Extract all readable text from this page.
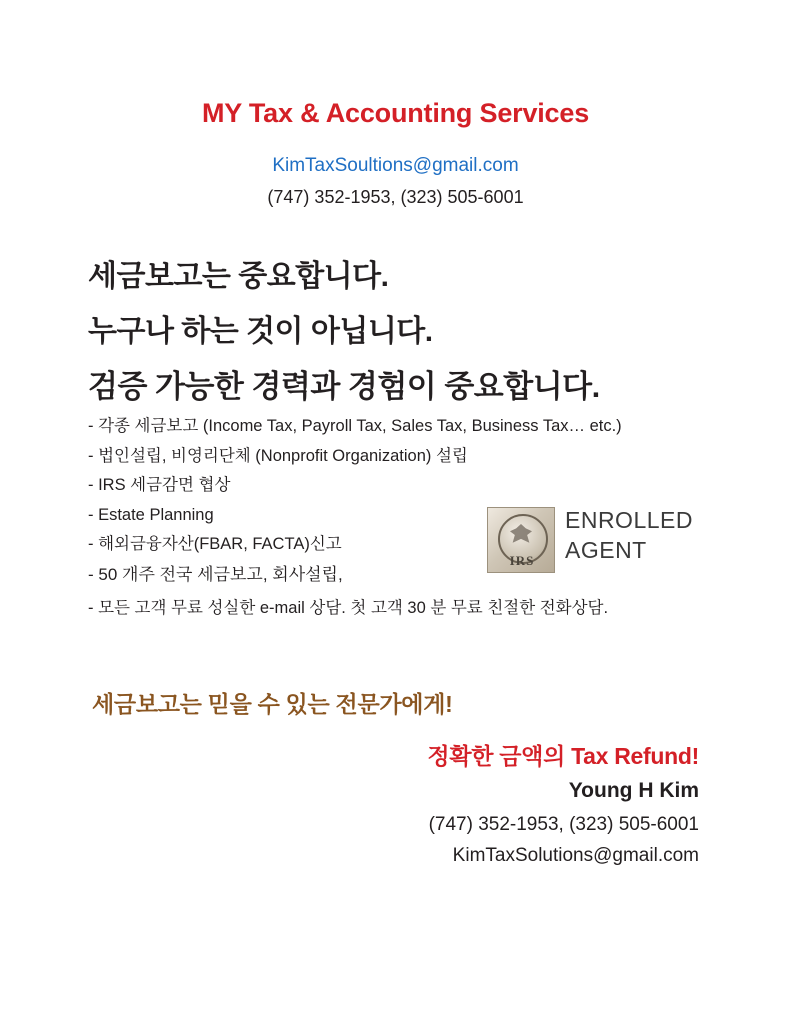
MY Tax & Accounting Services
KimTaxSoultions@gmail.com
(747) 352-1953, (323) 505-6001
세금보고는 중요합니다.
누구나 하는 것이 아닙니다.
검증 가능한 경력과 경험이 중요합니다.
- 각종 세금보고 (Income Tax, Payroll Tax, Sales Tax, Business Tax… etc.)
- 법인설립, 비영리단체 (Nonprofit Organization) 설립
- IRS 세금감면 협상
- Estate Planning
- 해외금융자산(FBAR, FACTA)신고
- 50 개주 전국 세금보고, 회사설립,
- 모든 고객 무료 성실한 e-mail 상담. 첫 고객 30 분 무료 친절한 전화상담.
IRS
ENROLLED
AGENT
세금보고는 믿을 수 있는 전문가에게!
정확한 금액의 Tax Refund!
Young H Kim
(747) 352-1953, (323) 505-6001
KimTaxSolutions@gmail.com
